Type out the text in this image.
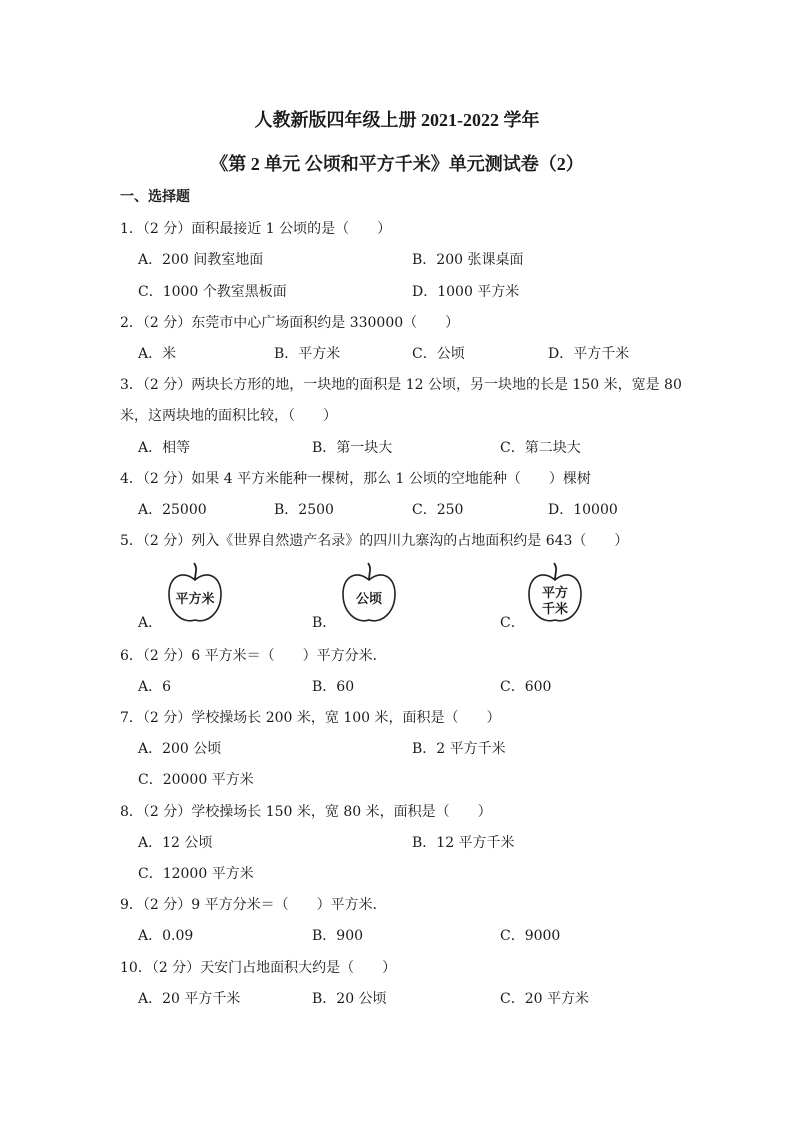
人教新版四年级上册 2021-2022 学年
《第 2 单元 公顷和平方千米》单元测试卷（2）
一、选择题
1．（2 分）面积最接近 1 公顷的是（　　）
A．200 间教室地面	B．200 张课桌面
C．1000 个教室黑板面	D．1000 平方米
2．（2 分）东莞市中心广场面积约是 330000（　　）
A．米	B．平方米	C．公顷	D．平方千米
3．（2 分）两块长方形的地，一块地的面积是 12 公顷，另一块地的长是 150 米，宽是 80
米，这两块地的面积比较，（　　）
A．相等	B．第一块大	C．第二块大
4．（2 分）如果 4 平方米能种一棵树，那么 1 公顷的空地能种（　　）棵树
A．25000	B．2500	C．250	D．10000
5．（2 分）列入《世界自然遗产名录》的四川九寨沟的占地面积约是 643（　　）
A．	B．	C．
平方米	公顷	平方
千米
6．（2 分）6 平方米＝（　　）平方分米．
A．6	B．60	C．600
7．（2 分）学校操场长 200 米，宽 100 米，面积是（　　）
A．200 公顷	B．2 平方千米
C．20000 平方米
8．（2 分）学校操场长 150 米，宽 80 米，面积是（　　）
A．12 公顷	B．12 平方千米
C．12000 平方米
9．（2 分）9 平方分米＝（　　）平方米．
A．0.09	B．900	C．9000
10．（2 分）天安门占地面积大约是（　　）
A．20 平方千米	B．20 公顷	C．20 平方米
